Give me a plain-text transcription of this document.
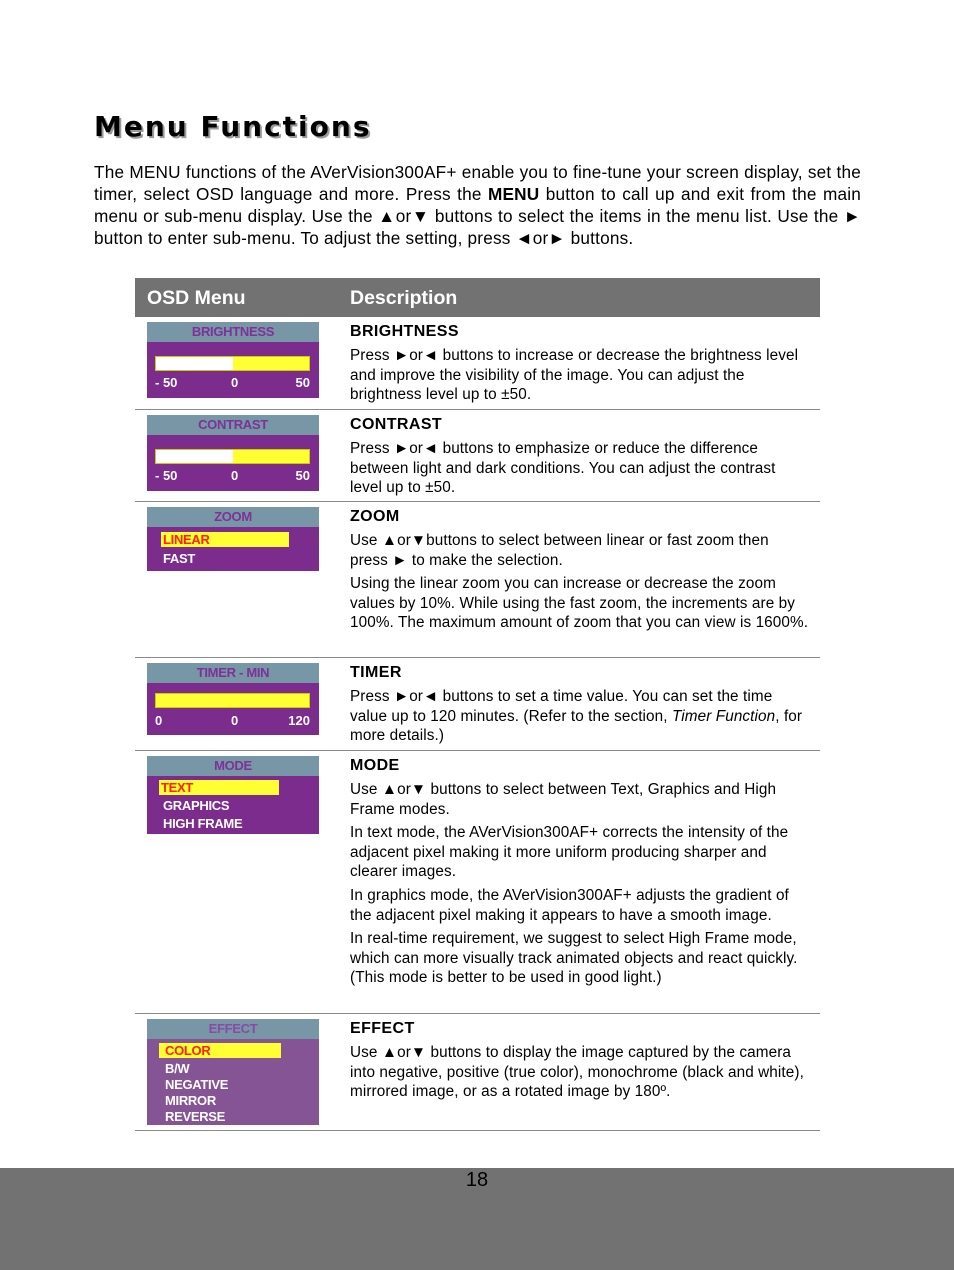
Menu Functions

The MENU functions of the AVerVision300AF+ enable you to fine-tune your screen display, set the timer, select OSD language and more. Press the MENU button to call up and exit from the main menu or sub-menu display. Use the ▲or▼ buttons to select the items in the menu list. Use the ► button to enter sub-menu. To adjust the setting, press ◄or► buttons.

OSD Menu	Description
BRIGHTNESS
- 50	0	50
BRIGHTNESS

Press ►or◄ buttons to increase or decrease the brightness level and improve the visibility of the image. You can adjust the brightness level up to ±50.

CONTRAST
- 50	0	50
CONTRAST

Press ►or◄ buttons to emphasize or reduce the difference between light and dark conditions. You can adjust the contrast level up to ±50.

ZOOM
LINEAR
FAST
ZOOM

Use ▲or▼buttons to select between linear or fast zoom then press ► to make the selection.

Using the linear zoom you can increase or decrease the zoom values by 10%. While using the fast zoom, the increments are by 100%. The maximum amount of zoom that you can view is 1600%.

TIMER - MIN
0	0	120
TIMER

Press ►or◄ buttons to set a time value. You can set the time value up to 120 minutes. (Refer to the section, Timer Function, for more details.)

MODE
TEXT
GRAPHICS
HIGH FRAME
MODE

Use ▲or▼ buttons to select between Text, Graphics and High Frame modes.

In text mode, the AVerVision300AF+ corrects the intensity of the adjacent pixel making it more uniform producing sharper and clearer images.

In graphics mode, the AVerVision300AF+ adjusts the gradient of the adjacent pixel making it appears to have a smooth image.

In real-time requirement, we suggest to select High Frame mode, which can more visually track animated objects and react quickly. (This mode is better to be used in good light.)

EFFECT
COLOR
B/W
NEGATIVE
MIRROR
REVERSE
EFFECT

Use ▲or▼ buttons to display the image captured by the camera into negative, positive (true color), monochrome (black and white), mirrored image, or as a rotated image by 180º.

18
